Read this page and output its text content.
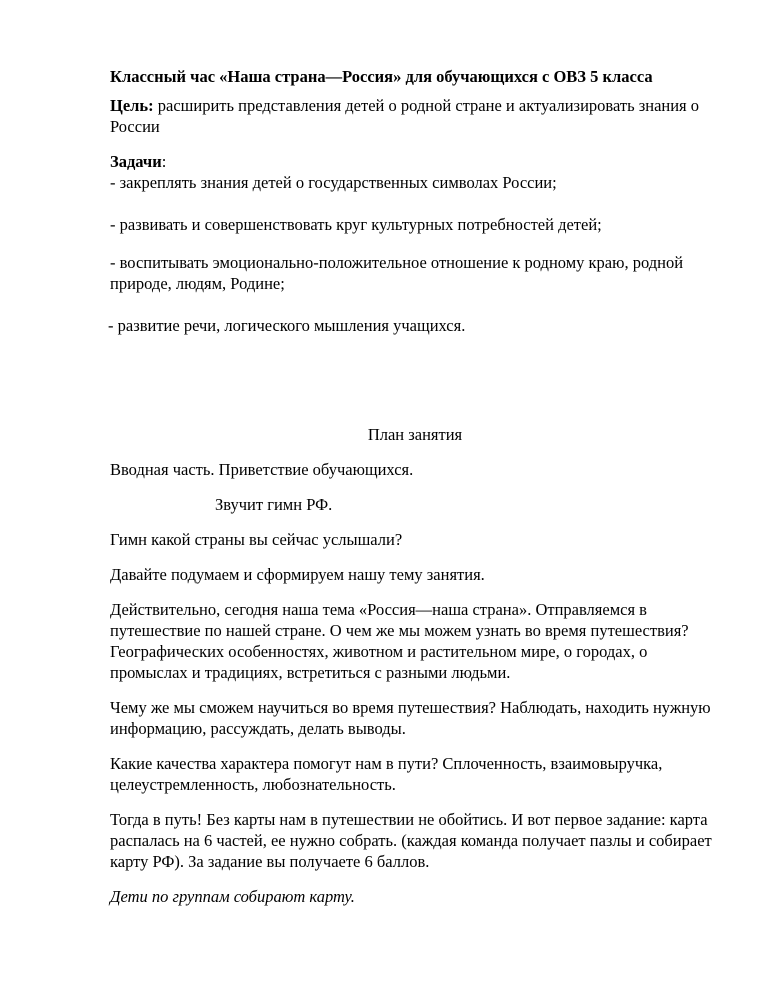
Классный час «Наша страна—Россия» для обучающихся с ОВЗ 5 класса

Цель: расширить представления детей о родной стране и актуализировать знания о России

Задачи:

- закреплять знания детей о государственных символах России;

- развивать и совершенствовать круг культурных потребностей детей;

- воспитывать эмоционально-положительное отношение к родному краю, родной природе, людям, Родине;

- развитие речи, логического мышления учащихся.

План занятия

Вводная часть. Приветствие обучающихся.

Звучит гимн РФ.

Гимн какой страны вы сейчас услышали?

Давайте подумаем и сформируем нашу тему занятия.

Действительно, сегодня наша тема «Россия—наша страна». Отправляемся в путешествие по нашей стране. О чем же мы можем узнать во время путешествия? Географических особенностях, животном и растительном мире, о городах, о промыслах и традициях, встретиться с разными людьми.

Чему же мы сможем научиться во время путешествия? Наблюдать, находить нужную информацию, рассуждать, делать выводы.

Какие качества характера помогут нам в пути? Сплоченность, взаимовыручка, целеустремленность, любознательность.

Тогда в путь! Без карты нам в путешествии не обойтись. И вот первое задание: карта распалась на 6 частей, ее нужно собрать. (каждая команда получает пазлы и собирает карту РФ). За задание вы получаете 6 баллов.

Дети по группам собирают карту.
